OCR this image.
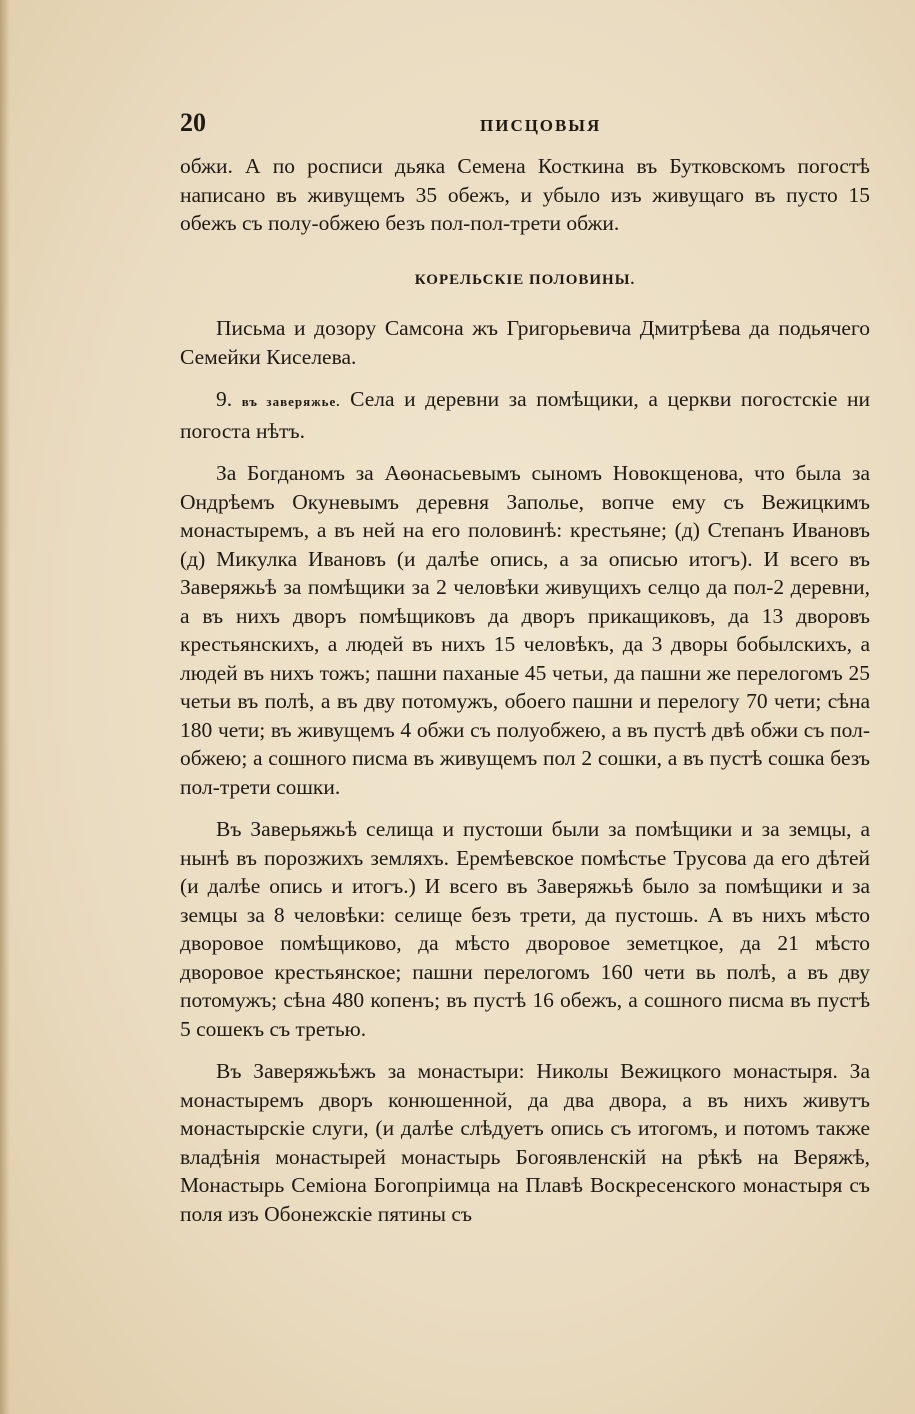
20	ПИСЦОВЫЯ

обжи. А по росписи дьяка Семена Косткина въ Бутковскомъ погостѣ написано въ живущемъ 35 обежъ, и убыло изъ живущаго въ пусто 15 обежъ съ полу-обжею безъ пол-пол-трети обжи.

КОРЕЛЬСКІЕ ПОЛОВИНЫ.

Письма и дозору Самсона жъ Григорьевича Дмитрѣева да подьячего Семейки Киселева.

9. въ заверяжье. Села и деревни за помѣщики, а церкви погостскіе ни погоста нѣтъ.

За Богданомъ за Аѳонасьевымъ сыномъ Новокщенова, что была за Ондрѣемъ Окуневымъ деревня Заполье, вопче ему съ Вежицкимъ монастыремъ, а въ ней на его половинѣ: крестьяне; (д) Степанъ Ивановъ (д) Микулка Ивановъ (и далѣе опись, а за описью итогъ). И всего въ Заверяжьѣ за помѣщики за 2 человѣки живущихъ селцо да пол-2 деревни, а въ нихъ дворъ помѣщиковъ да дворъ прикащиковъ, да 13 дворовъ крестьянскихъ, а людей въ нихъ 15 человѣкъ, да 3 дворы бобылскихъ, а людей въ нихъ тожъ; пашни паханые 45 четьи, да пашни же перелогомъ 25 четьи въ полѣ, а въ дву потомужъ, обоего пашни и перелогу 70 чети; сѣна 180 чети; въ живущемъ 4 обжи съ полуобжею, а въ пустѣ двѣ обжи съ пол-обжею; а сошного писма въ живущемъ пол 2 сошки, а въ пустѣ сошка безъ пол-трети сошки.

Въ Заверьяжьѣ селища и пустоши были за помѣщики и за земцы, а нынѣ въ порозжихъ земляхъ. Еремѣевское помѣстье Трусова да его дѣтей (и далѣе опись и итогъ.) И всего въ Заверяжьѣ было за помѣщики и за земцы за 8 человѣки: селище безъ трети, да пустошь. А въ нихъ мѣсто дворовое помѣщиково, да мѣсто дворовое земетцкое, да 21 мѣсто дворовое крестьянское; пашни перелогомъ 160 чети вь полѣ, а въ дву потомужъ; сѣна 480 копенъ; въ пустѣ 16 обежъ, а сошного писма въ пустѣ 5 сошекъ съ третью.

Въ Заверяжьѣжъ за монастыри: Николы Вежицкого монастыря. За монастыремъ дворъ конюшенной, да два двора, а въ нихъ живутъ монастырскіе слуги, (и далѣе слѣдуетъ опись съ итогомъ, и потомъ также владѣнія монастырей монастырь Богоявленскій на рѣкѣ на Веряжѣ, Монастырь Семіона Богопріимца на Плавѣ Воскресенского монастыря съ поля изъ Обонежскіе пятины съ
